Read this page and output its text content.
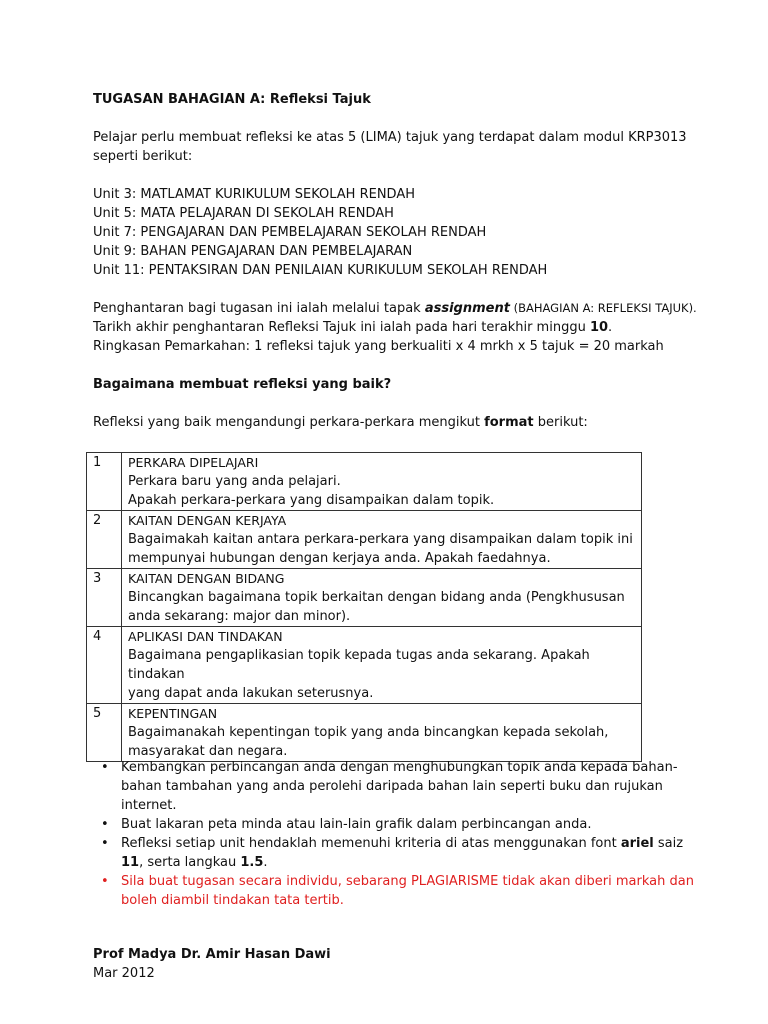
TUGASAN BAHAGIAN A: Refleksi Tajuk
Pelajar perlu membuat refleksi ke atas 5 (LIMA) tajuk yang terdapat dalam modul KRP3013
seperti berikut:
Unit 3: MATLAMAT KURIKULUM SEKOLAH RENDAH
Unit 5: MATA PELAJARAN DI SEKOLAH RENDAH
Unit 7: PENGAJARAN DAN PEMBELAJARAN SEKOLAH RENDAH
Unit 9: BAHAN PENGAJARAN DAN PEMBELAJARAN
Unit 11: PENTAKSIRAN DAN PENILAIAN KURIKULUM SEKOLAH RENDAH
Penghantaran bagi tugasan ini ialah melalui tapak assignment (BAHAGIAN A: REFLEKSI TAJUK).
Tarikh akhir penghantaran Refleksi Tajuk ini ialah pada hari terakhir minggu 10.
Ringkasan Pemarkahan: 1 refleksi tajuk yang berkualiti x 4 mrkh x 5 tajuk = 20 markah
Bagaimana membuat refleksi yang baik?
Refleksi yang baik mengandungi perkara-perkara mengikut format berikut:
1	PERKARA DIPELAJARI
Perkara baru yang anda pelajari.
Apakah perkara-perkara yang disampaikan dalam topik.

2	KAITAN DENGAN KERJAYA
Bagaimakah kaitan antara perkara-perkara yang disampaikan dalam topik ini
mempunyai hubungan dengan kerjaya anda. Apakah faedahnya.

3	KAITAN DENGAN BIDANG
Bincangkan bagaimana topik berkaitan dengan bidang anda (Pengkhususan
anda sekarang: major dan minor).

4	APLIKASI DAN TINDAKAN
Bagaimana pengaplikasian topik kepada tugas anda sekarang. Apakah tindakan
yang dapat anda lakukan seterusnya.

5	KEPENTINGAN
Bagaimanakah kepentingan topik yang anda bincangkan kepada sekolah,
masyarakat dan negara.
• Kembangkan perbincangan anda dengan menghubungkan topik anda kepada bahan-
bahan tambahan yang anda perolehi daripada bahan lain seperti buku dan rujukan
internet.
• Buat lakaran peta minda atau lain-lain grafik dalam perbincangan anda.
• Refleksi setiap unit hendaklah memenuhi kriteria di atas menggunakan font ariel saiz
11, serta langkau 1.5.
• Sila buat tugasan secara individu, sebarang PLAGIARISME tidak akan diberi markah dan
boleh diambil tindakan tata tertib.
Prof Madya Dr. Amir Hasan Dawi
Mar 2012
